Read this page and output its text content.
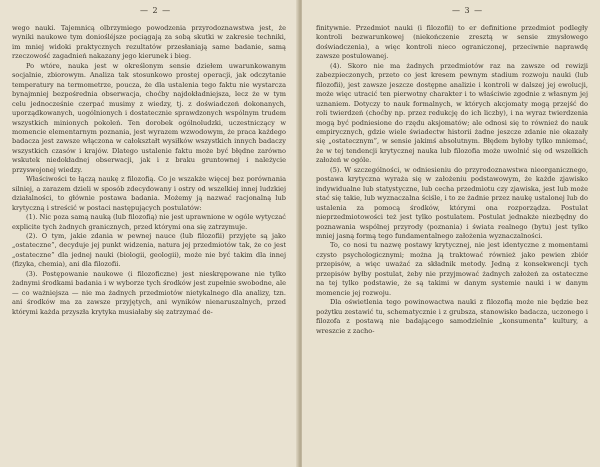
— 2 —

wego nauki. Tajemnicą olbrzymiego powodzenia przyrodoznawstwa jest, że wyniki naukowe tym doniośléjsze pociągają za sobą skutki w zakresie techniki, im mniej widoki praktycznych rezultatów przesłaniają same badanie, samą rzeczowość zagadnień nakazany jego kierunek i bieg.

Po wtóre, nauka jest w określonym sensie dziełem uwarunkowanym socjalnie, zbiorowym. Analiza tak stosunkowo prostej operacji, jak odczytanie temperatury na termometrze, poucza, że dla ustalenia tego faktu nie wystarcza bynajmniej bezpośrednia obserwacja, choćby najdokładniejsza, lecz że w tym celu jednocześnie czerpać musimy z wiedzy, tj. z doświadczeń dokonanych, uporządkowanych, uogólnionych i dostatecznie sprawdzonych wspólnym trudem wszystkich minionych pokoleń. Ten dorobek ogólnoludzki, uczestniczący w momencie elementarnym poznania, jest wyrazem wzwodowym, że praca każdego badacza jest zawsze włączona w całokształt wysiłków wszystkich innych badaczy wszystkich czasów i krajów. Dlatego ustalenie faktu może być błędne zarówno wskutek niedokładnej obserwacji, jak i z braku gruntownej i należycie przyswojonej wiedzy.

Właściwości te łączą naukę z filozofią. Co je wszakże więcej bez porównania silniej, a zarazem dzieli w sposób zdecydowany i ostry od wszelkiej innej ludzkiej działalności, to głównie postawa badania. Możemy ją nazwać racjonalną lub krytyczną i streścić w postaci następujących postulatów:

(1). Nic poza samą nauką (lub filozofią) nie jest uprawnione w ogóle wytyczać explicite tych żadnych granicznych, przed którymi ona się zatrzymuje.

(2). O tym, jakie zdania w pewnej nauce (lub filozofii) przyjęte są jako „ostateczne”, decyduje jej punkt widzenia, natura jej przedmiotów tak, że co jest „ostateczne” dla jednej nauki (biologii, geologii), może nie być takim dla innej (fizyka, chemia), ani dla filozofii.

(3). Postępowanie naukowe (i filozoficzne) jest nieskrępowane nie tylko żadnymi środkami badania i w wyborze tych środków jest zupełnie swobodne, ale — co ważniejsza — nie ma żadnych przedmiotów nietykalnego dla analizy, tzn. ani środków ma za zawsze przyjętych, ani wyników nienaruszalnych, przed którymi każda przyszła krytyka musiałaby się zatrzymać de-

— 3 —

finitywnie. Przedmiot nauki (i filozofii) to er definitione przedmiot podległy kontroli bezwarunkowej (niekończenie zresztą w sensie zmysłowego doświadczenia), a więc kontroli nieco ograniczonej, przeciwnie naprawdę zawsze postulowanej.

(4). Skoro nie ma żadnych przedmiotów raz na zawsze od rewizji zabezpieczonych, przeto co jest kresem pewnym stadium rozwoju nauki (lub filozofii), jest zawsze jeszcze dostępne analizie i kontroli w dalszej jej ewolucji, może więc utracić ten pierwotny charakter i to właściwie zgodnie z własnym jej uznaniem. Dotyczy to nauk formalnych, w których akcjomaty mogą przejść do roli twierdzeń (choćby np. przez redukcję do ich liczby), i na wyraz twierdzenia mogą być podniesione do rzędu aksjomatów; ale odnosi się to również do nauk empirycznych, gdzie wiele świadectw historii żadne jeszcze zdanie nie okazały się „ostatecznym”, w sensie jakimś absolutnym. Błędem byłoby tylko mniemać, że w tej tendencji krytycznej nauka lub filozofia może uwolnić się od wszelkich założeń w ogóle.

(5). W szczególności, w odniesieniu do przyrodoznawstwa nieorganicznego, postawa krytyczna wyraża się w założeniu podstawowym, że każde zjawisko indywidualne lub statystyczne, lub cecha przedmiotu czy zjawiska, jest lub może stać się takie, lub wyznaczalna ściśle, i to ze żadnie przez naukę ustalonej lub do ustalenia za pomocą środków, którymi ona rozporządza. Postulat nieprzedmiotowości też jest tylko postulatem. Postulat jednakże niezbędny do poznawania wspólnej przyrody (poznania) i świata realnego (bytu) jest tylko mniej jasną formą tego fundamentalnego założenia wyznaczalności.

To, co nosi tu nazwę postawy krytycznej, nie jest identyczne z momentami czysto psychologicznymi; można ją traktować również jako pewien zbiór przepisów, a więc uważać za składnik metody. Jedną z konsekwencji tych przepisów byłby postulat, żeby nie przyjmować żadnych założeń za ostateczne na tej tylko podstawie, że są takimi w danym systemie nauki i w danym momencie jej rozwoju.

Dla oświetlenia tego powinowactwa nauki z filozofią może nie będzie bez pożytku zestawić tu, schematycznie i z grubsza, stanowisko badacza, uczonego i filozofa z postawą nie badającego samodzielnie „konsumenta” kultury, a wreszcie z zacho-
